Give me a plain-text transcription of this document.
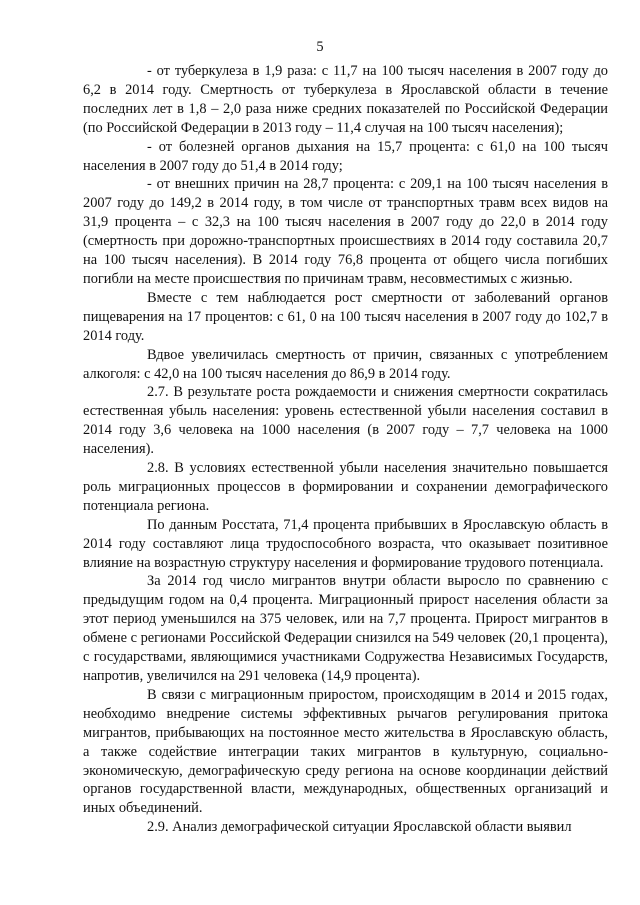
5

- от туберкулеза в 1,9 раза: с 11,7 на 100 тысяч населения в 2007 году до 6,2 в 2014 году. Смертность от туберкулеза в Ярославской области в течение последних лет в 1,8 – 2,0 раза ниже средних показателей по Российской Федерации (по Российской Федерации в 2013 году – 11,4 случая на 100 тысяч населения);

- от болезней органов дыхания на 15,7 процента: с 61,0 на 100 тысяч населения в 2007 году до 51,4 в 2014 году;

- от внешних причин на 28,7 процента: с 209,1 на 100 тысяч населения в 2007 году до 149,2 в 2014 году, в том числе от транспортных травм всех видов на 31,9 процента – с 32,3 на 100 тысяч населения в 2007 году до 22,0 в 2014 году (смертность при дорожно-транспортных происшествиях в 2014 году составила 20,7 на 100 тысяч населения). В 2014 году 76,8 процента от общего числа погибших погибли на месте происшествия по причинам травм, несовместимых с жизнью.

Вместе с тем наблюдается рост смертности от заболеваний органов пищеварения на 17 процентов: с 61, 0 на 100 тысяч населения в 2007 году до 102,7 в 2014 году.

Вдвое увеличилась смертность от причин, связанных с употреблением алкоголя: с 42,0 на 100 тысяч населения до 86,9 в 2014 году.

2.7. В результате роста рождаемости и снижения смертности сократилась естественная убыль населения: уровень естественной убыли населения составил в 2014 году 3,6 человека на 1000 населения (в 2007 году – 7,7 человека на 1000 населения).

2.8. В условиях естественной убыли населения значительно повышается роль миграционных процессов в формировании и сохранении демографического потенциала региона.

По данным Росстата, 71,4 процента прибывших в Ярославскую область в 2014 году составляют лица трудоспособного возраста, что оказывает позитивное влияние на возрастную структуру населения и формирование трудового потенциала.

За 2014 год число мигрантов внутри области выросло по сравнению с предыдущим годом на 0,4 процента. Миграционный прирост населения области за этот период уменьшился на 375 человек, или на 7,7 процента. Прирост мигрантов в обмене с регионами Российской Федерации снизился на 549 человек (20,1 процента), с государствами, являющимися участниками Содружества Независимых Государств, напротив, увеличился на 291 человека (14,9 процента).

В связи с миграционным приростом, происходящим в 2014 и 2015 годах, необходимо внедрение системы эффективных рычагов регулирования притока мигрантов, прибывающих на постоянное место жительства в Ярославскую область, а также содействие интеграции таких мигрантов в культурную, социально-экономическую, демографическую среду региона на основе координации действий органов государственной власти, международных, общественных организаций и иных объединений.

2.9. Анализ демографической ситуации Ярославской области выявил
